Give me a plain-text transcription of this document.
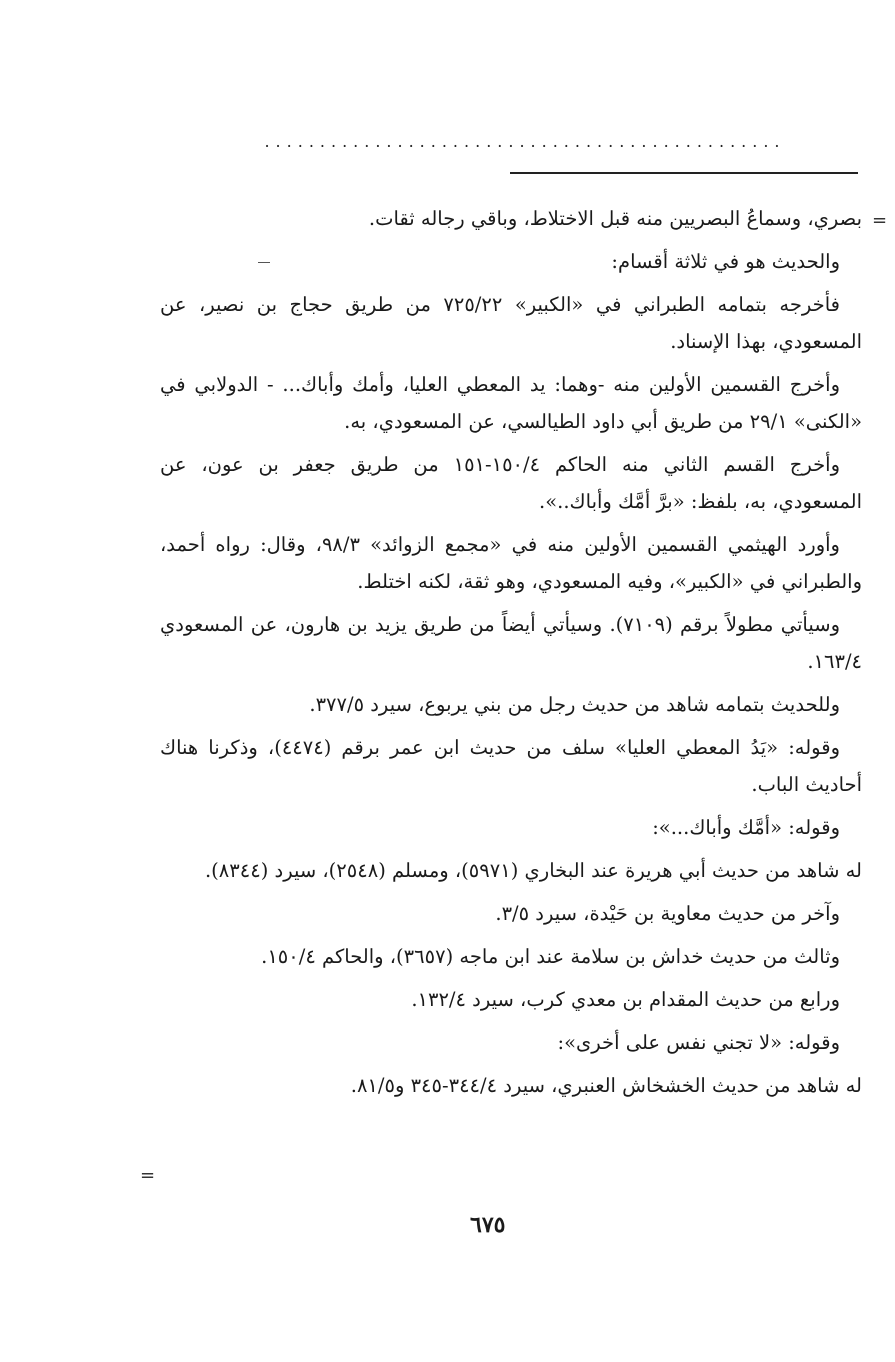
...............................................
=

بصري، وسماعُ البصريين منه قبل الاختلاط، وباقي رجاله ثقات.

والحديث هو في ثلاثة أقسام:

فأخرجه بتمامه الطبراني في «الكبير» ٧٢٥/٢٢ من طريق حجاج بن نصير، عن المسعودي، بهذا الإسناد.

وأخرج القسمين الأولين منه -وهما: يد المعطي العليا، وأمك وأباك... - الدولابي في «الكنى» ٢٩/١ من طريق أبي داود الطيالسي، عن المسعودي، به.

وأخرج القسم الثاني منه الحاكم ١٥٠/٤-١٥١ من طريق جعفر بن عون، عن المسعودي، به، بلفظ: «برَّ أمَّك وأباك..».

وأورد الهيثمي القسمين الأولين منه في «مجمع الزوائد» ٩٨/٣، وقال: رواه أحمد، والطبراني في «الكبير»، وفيه المسعودي، وهو ثقة، لكنه اختلط.

وسيأتي مطولاً برقم (٧١٠٩). وسيأتي أيضاً من طريق يزيد بن هارون، عن المسعودي ١٦٣/٤.

وللحديث بتمامه شاهد من حديث رجل من بني يربوع، سيرد ٣٧٧/٥.

وقوله: «يَدُ المعطي العليا» سلف من حديث ابن عمر برقم (٤٤٧٤)، وذكرنا هناك أحاديث الباب.

وقوله: «أمَّك وأباك...»:

له شاهد من حديث أبي هريرة عند البخاري (٥٩٧١)، ومسلم (٢٥٤٨)، سيرد (٨٣٤٤).

وآخر من حديث معاوية بن حَيْدة، سيرد ٣/٥.

وثالث من حديث خداش بن سلامة عند ابن ماجه (٣٦٥٧)، والحاكم ١٥٠/٤.

ورابع من حديث المقدام بن معدي كرب، سيرد ١٣٢/٤.

وقوله: «لا تجني نفس على أخرى»:

له شاهد من حديث الخشخاش العنبري، سيرد ٣٤٤/٤-٣٤٥ و٨١/٥.

=
٦٧٥
